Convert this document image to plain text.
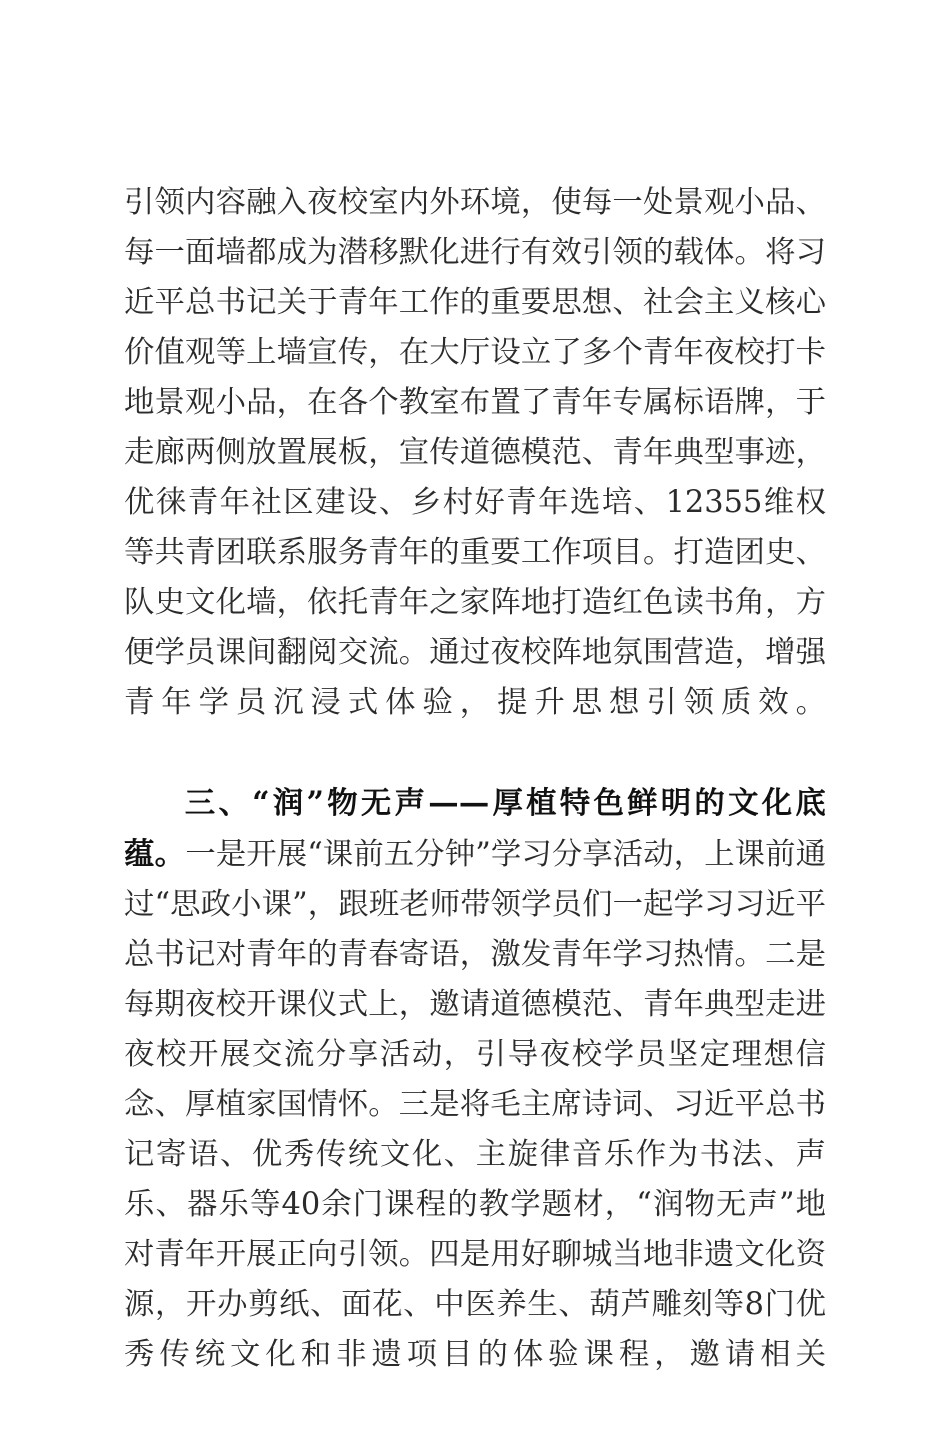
引领内容融入夜校室内外环境，使每一处景观小品、每一面墙都成为潜移默化进行有效引领的载体。将习近平总书记关于青年工作的重要思想、社会主义核心价值观等上墙宣传，在大厅设立了多个青年夜校打卡地景观小品，在各个教室布置了青年专属标语牌，于走廊两侧放置展板，宣传道德模范、青年典型事迹，优徕青年社区建设、乡村好青年选培、12355维权等共青团联系服务青年的重要工作项目。打造团史、队史文化墙，依托青年之家阵地打造红色读书角，方便学员课间翻阅交流。通过夜校阵地氛围营造，增强青年学员沉浸式体验，提升思想引领质效。

三、“润”物无声——厚植特色鲜明的文化底蕴。一是开展“课前五分钟”学习分享活动，上课前通过“思政小课”，跟班老师带领学员们一起学习习近平总书记对青年的青春寄语，激发青年学习热情。二是每期夜校开课仪式上，邀请道德模范、青年典型走进夜校开展交流分享活动，引导夜校学员坚定理想信念、厚植家国情怀。三是将毛主席诗词、习近平总书记寄语、优秀传统文化、主旋律音乐作为书法、声乐、器乐等40余门课程的教学题材，“润物无声”地对青年开展正向引领。四是用好聊城当地非遗文化资源，开办剪纸、面花、中医养生、葫芦雕刻等8门优秀传统文化和非遗项目的体验课程，邀请相关
